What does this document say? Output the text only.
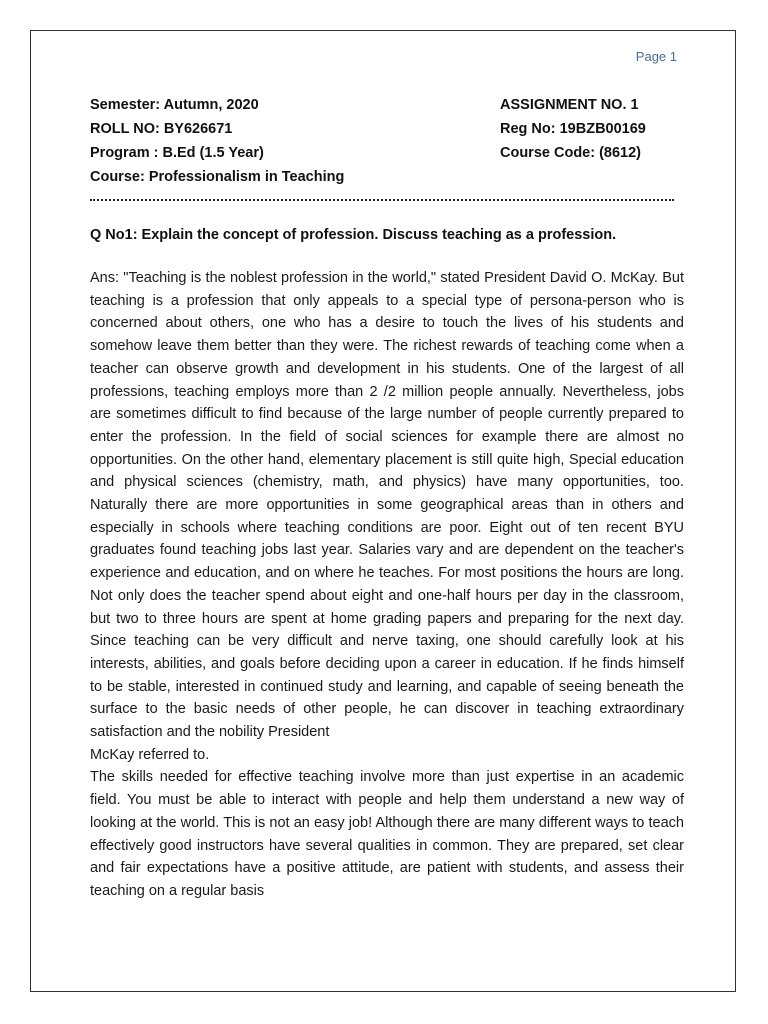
Page 1
Semester: Autumn, 2020	ASSIGNMENT NO. 1
ROLL NO: BY626671	Reg No: 19BZB00169
Program : B.Ed (1.5 Year)	Course Code: (8612)
Course: Professionalism in Teaching
Q No1: Explain the concept of profession. Discuss teaching as a profession.

Ans: "Teaching is the noblest profession in the world," stated President David O. McKay. But teaching is a profession that only appeals to a special type of persona-person who is concerned about others, one who has a desire to touch the lives of his students and somehow leave them better than they were. The richest rewards of teaching come when a teacher can observe growth and development in his students. One of the largest of all professions, teaching employs more than 2 /2 million people annually. Nevertheless, jobs are sometimes difficult to find because of the large number of people currently prepared to enter the profession. In the field of social sciences for example there are almost no opportunities. On the other hand, elementary placement is still quite high, Special education and physical sciences (chemistry, math, and physics) have many opportunities, too. Naturally there are more opportunities in some geographical areas than in others and especially in schools where teaching conditions are poor. Eight out of ten recent BYU graduates found teaching jobs last year. Salaries vary and are dependent on the teacher's experience and education, and on where he teaches. For most positions the hours are long. Not only does the teacher spend about eight and one-half hours per day in the classroom, but two to three hours are spent at home grading papers and preparing for the next day. Since teaching can be very difficult and nerve taxing, one should carefully look at his interests, abilities, and goals before deciding upon a career in education. If he finds himself to be stable, interested in continued study and learning, and capable of seeing beneath the surface to the basic needs of other people, he can discover in teaching extraordinary satisfaction and the nobility President

McKay referred to.

The skills needed for effective teaching involve more than just expertise in an academic field. You must be able to interact with people and help them understand a new way of looking at the world. This is not an easy job! Although there are many different ways to teach effectively good instructors have several qualities in common. They are prepared, set clear and fair expectations have a positive attitude, are patient with students, and assess their teaching on a regular basis
